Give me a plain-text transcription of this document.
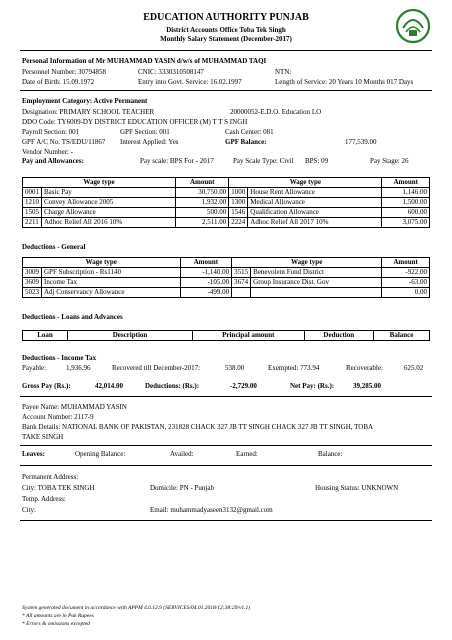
EDUCATION AUTHORITY PUNJAB
District Accounts Office Toba Tek Singh
Monthly Salary Statement (December-2017)
Personal Information of Mr MUHAMMAD YASIN d/w/s of MUHAMMAD TAQI
Personnel Number: 30794858	CNIC: 3330310508147	NTN:
Date of Birth: 15.09.1972	Entry into Govt. Service: 16.02.1997	Length of Service: 20 Years 10 Months 017 Days
Employment Category: Active Permanent
Designation: PRIMARY SCHOOL TEACHER	20000052-E.D.O. Education LO
DDO Code: TY6009-DY DISTRICT EDUCATION OFFICER (M) T T S INGH
Payroll Section: 001	GPF Section: 001	Cash Center: 081
GPF A/C No: TS/EDU/11867 Interest Applied: Yes	GPF Balance:	177,539.00
Vendor Number: -
Pay and Allowances:	Pay scale: BPS For - 2017	Pay Scale Type: Civil BPS: 09	Pay Stage: 26
Wage type		Amount	Wage type		Amount
0001	Basic Pay	30,750.00	1000	House Rent Allowance	1,146.00
1210	Convey Allowance 2005	1,932.00	1300	Medical Allowance	1,500.00
1505	Charge Allowance	500.00	1546	Qualification Allowance	600.00
2211	Adhoc Relief All 2016 10%	2,511.00	2224	Adhoc Relief All 2017 10%	3,075.00
Deductions - General
Wage type		Amount	Wage type		Amount
3009	GPF Subscription - Rs1140	-1,140.00	3515	Benevolent Fund District	-922.00
3609	Income Tax	-105.00	3674	Group Insurance Dist. Gov	-63.00
5023	Adj Conservancy Allowance	-499.00			0.00
Deductions - Loans and Advances
Loan	Description	Principal amount	Deduction	Balance
Deductions - Income Tax
Payable:	1,936.96	Recovered till December-2017:	538.00	Exempted: 773.94	Recoverable:	625.02
Gross Pay (Rs.):	42,014.00	Deductions: (Rs.):	-2,729.00	Net Pay: (Rs.):	39,285.00
Payee Name: MUHAMMAD YASIN
Account Number: 2117-9
Bank Details: NATIONAL BANK OF PAKISTAN, 231828 CHACK 327 JB TT SINGH CHACK 327 JB TT SINGH, TOBA
TAKE SINGH
Leaves:	Opening Balance:	Availed:	Earned:	Balance:
Permanent Address:
City: TOBA TEK SINGH	Domicile: PN - Punjab	Housing Status: UNKNOWN
Temp. Address:
City:	Email: muhammadyaseen3132@gmail.com
System generated document in accordance with APPM 4.6.12.9 (SERVICES/04.01.2018/12:38:29/v1.1)
* All amounts are in Pak Rupees
* Errors & omissions excepted
